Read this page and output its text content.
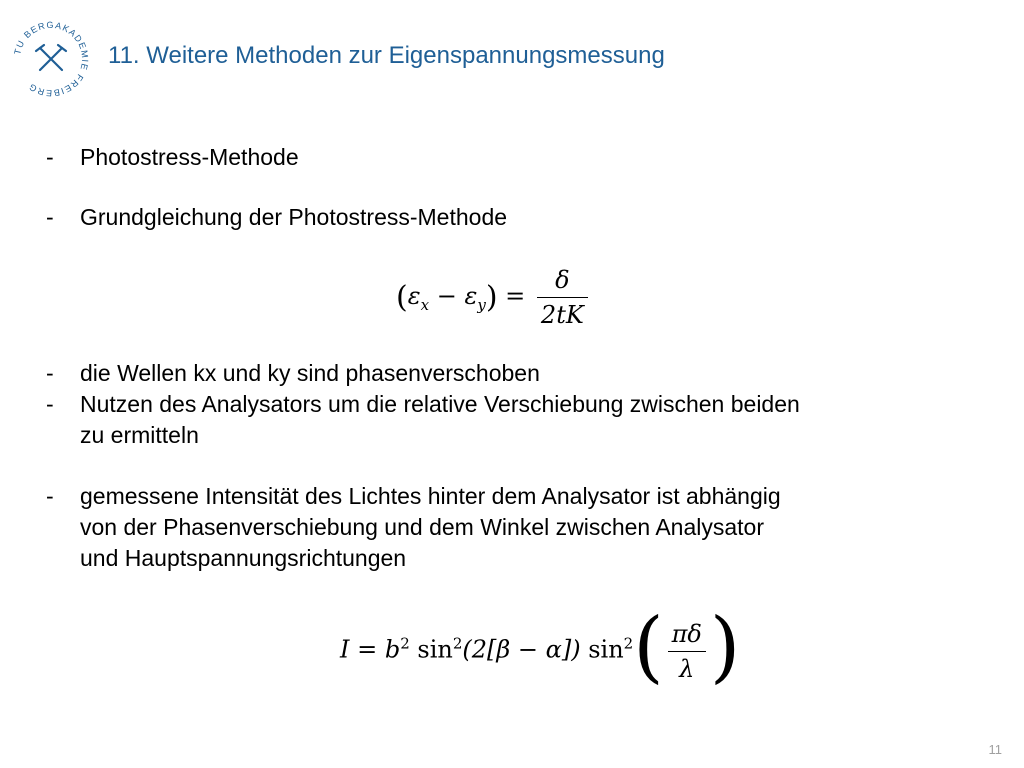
TU BERGAKADEMIE FREIBERG
11. Weitere Methoden zur Eigenspannungsmessung
- Photostress-Methode
- Grundgleichung der Photostress-Methode
$(\varepsilon_x - \varepsilon_y) = \frac{\delta}{2tK}$
- die Wellen kx und ky sind phasenverschoben
- Nutzen des Analysators um die relative Verschiebung zwischen beiden
zu ermitteln
- gemessene Intensität des Lichtes hinter dem Analysator ist abhängig
von der Phasenverschiebung und dem Winkel zwischen Analysator
und Hauptspannungsrichtungen
$I = b^2$ $\sin^2(2[\beta - \alpha])$ $\sin^2( \frac{\pi\delta}{\lambda}$ )
11
